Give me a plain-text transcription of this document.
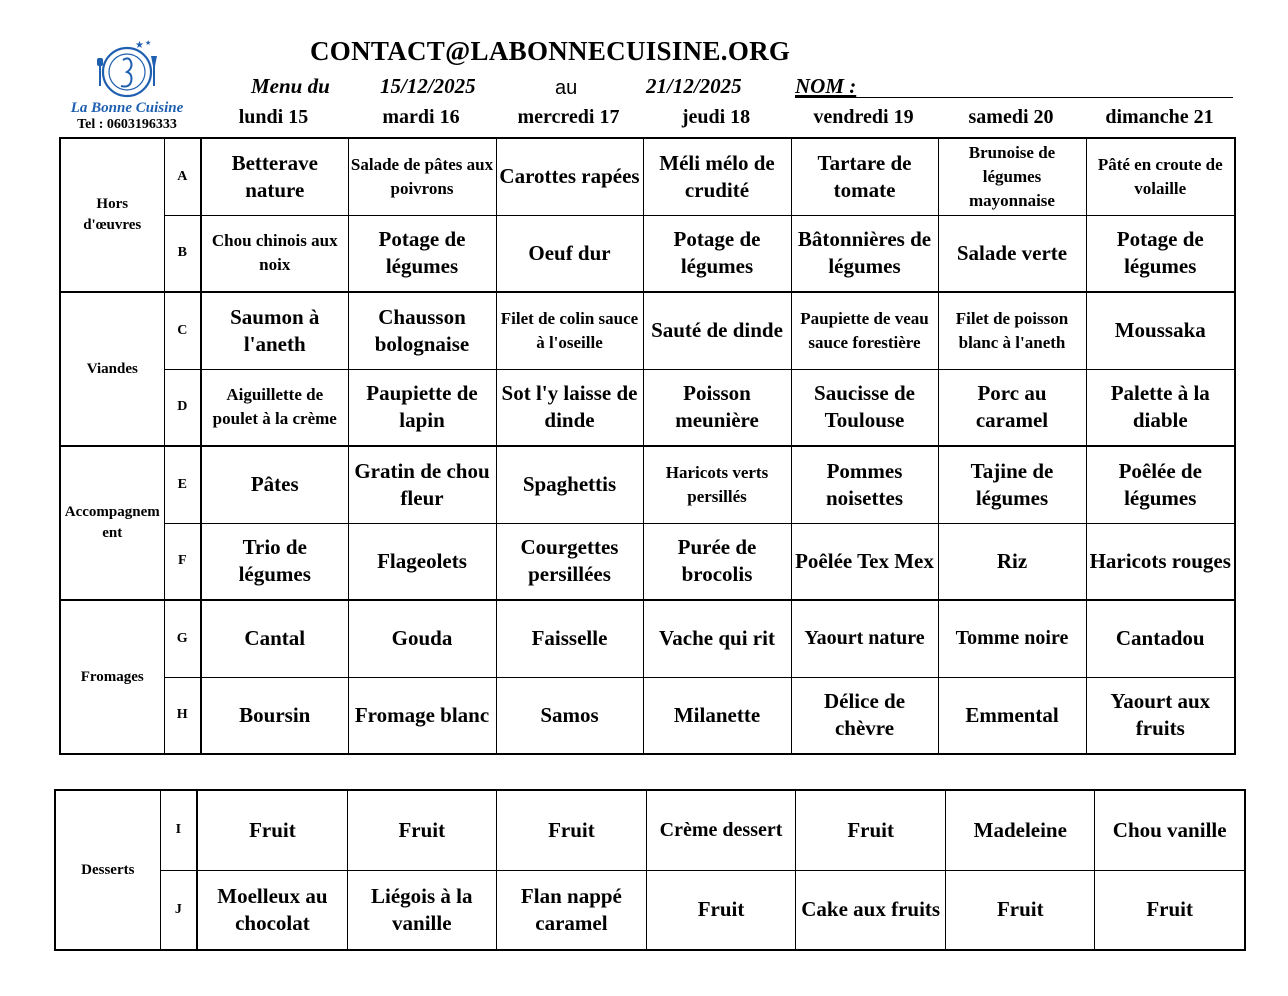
★ ★
La Bonne Cuisine
Tel : 0603196333
CONTACT@LABONNECUISINE.ORG
Menu du 15/12/2025	au	21/12/2025	NOM :
lundi 15	mardi 16	mercredi 17	jeudi 18	vendredi 19	samedi 20	dimanche 21
Hors d'œuvres	A	Betterave nature	Salade de pâtes aux poivrons	Carottes rapées	Méli mélo de crudité	Tartare de tomate	Brunoise de légumes mayonnaise	Pâté en croute de volaille
	B	Chou chinois aux noix	Potage de légumes	Oeuf dur	Potage de légumes	Bâtonnières de légumes	Salade verte	Potage de légumes
Viandes	C	Saumon à l'aneth	Chausson bolognaise	Filet de colin sauce à l'oseille	Sauté de dinde	Paupiette de veau sauce forestière	Filet de poisson blanc à l'aneth	Moussaka
	D	Aiguillette de poulet à la crème	Paupiette de lapin	Sot l'y laisse de dinde	Poisson meunière	Saucisse de Toulouse	Porc au caramel	Palette à la diable
Accompagnement	E	Pâtes	Gratin de chou fleur	Spaghettis	Haricots verts persillés	Pommes noisettes	Tajine de légumes	Poêlée de légumes
	F	Trio de légumes	Flageolets	Courgettes persillées	Purée de brocolis	Poêlée Tex Mex	Riz	Haricots rouges
Fromages	G	Cantal	Gouda	Faisselle	Vache qui rit	Yaourt nature	Tomme noire	Cantadou
	H	Boursin	Fromage blanc	Samos	Milanette	Délice de chèvre	Emmental	Yaourt aux fruits
Desserts	I	Fruit	Fruit	Fruit	Crème dessert	Fruit	Madeleine	Chou vanille
	J	Moelleux au chocolat	Liégois à la vanille	Flan nappé caramel	Fruit	Cake aux fruits	Fruit	Fruit
